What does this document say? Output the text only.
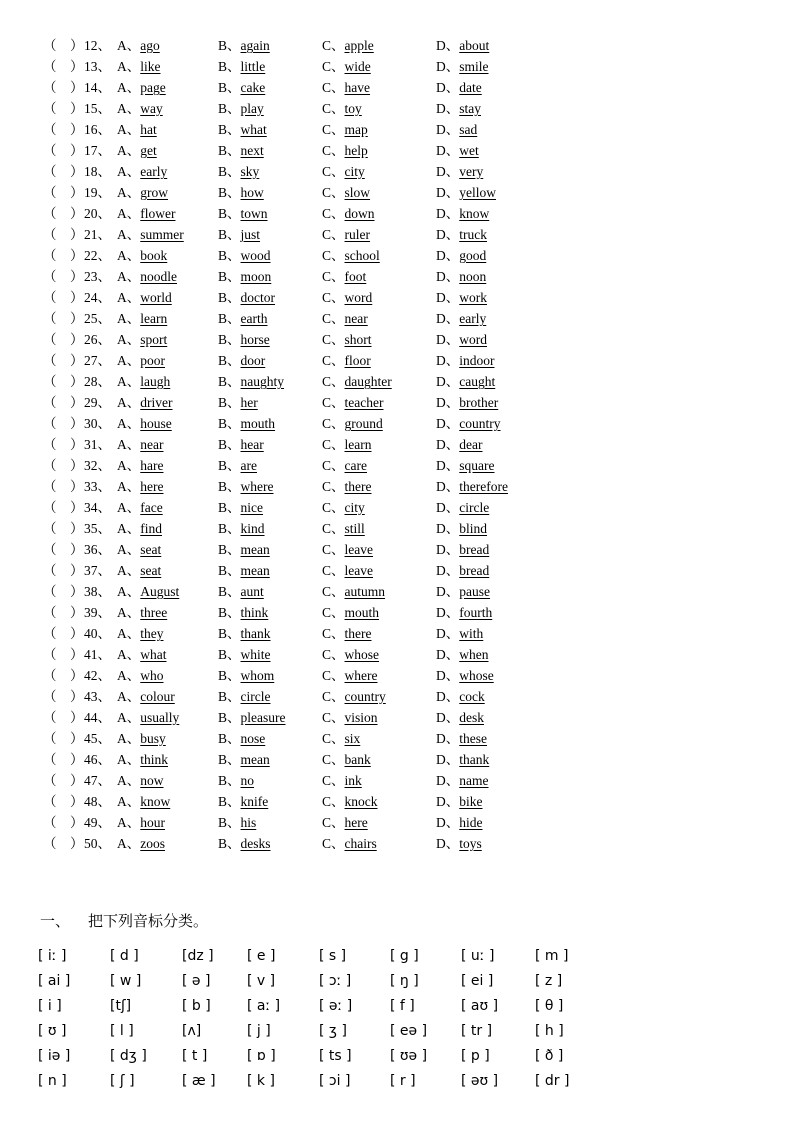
（　） 12、 A、ago	B、again	C、apple	D、about
（　） 13、 A、like	B、little	C、wide	D、smile
（　） 14、 A、page	B、cake	C、have	D、date
（　） 15、 A、way	B、play	C、toy	D、stay
（　） 16、 A、hat	B、what	C、map	D、sad
（　） 17、 A、get	B、next	C、help	D、wet
（　） 18、 A、early	B、sky	C、city	D、very
（　） 19、 A、grow	B、how	C、slow	D、yellow
（　） 20、 A、flower	B、town	C、down	D、know
（　） 21、 A、summer	B、just	C、ruler	D、truck
（　） 22、 A、book	B、wood	C、school	D、good
（　） 23、 A、noodle	B、moon	C、foot	D、noon
（　） 24、 A、world	B、doctor	C、word	D、work
（　） 25、 A、learn	B、earth	C、near	D、early
（　） 26、 A、sport	B、horse	C、short	D、word
（　） 27、 A、poor	B、door	C、floor	D、indoor
（　） 28、 A、laugh	B、naughty	C、daughter	D、caught
（　） 29、 A、driver	B、her	C、teacher	D、brother
（　） 30、 A、house	B、mouth	C、ground	D、country
（　） 31、 A、near	B、hear	C、learn	D、dear
（　） 32、 A、hare	B、are	C、care	D、square
（　） 33、 A、here	B、where	C、there	D、therefore
（　） 34、 A、face	B、nice	C、city	D、circle
（　） 35、 A、find	B、kind	C、still	D、blind
（　） 36、 A、seat	B、mean	C、leave	D、bread
（　） 37、 A、seat	B、mean	C、leave	D、bread
（　） 38、 A、August	B、aunt	C、autumn	D、pause
（　） 39、 A、three	B、think	C、mouth	D、fourth
（　） 40、 A、they	B、thank	C、there	D、with
（　） 41、 A、what	B、white	C、whose	D、when
（　） 42、 A、who	B、whom	C、where	D、whose
（　） 43、 A、colour	B、circle	C、country	D、cock
（　） 44、 A、usually	B、pleasure	C、vision	D、desk
（　） 45、 A、busy	B、nose	C、six	D、these
（　） 46、 A、think	B、mean	C、bank	D、thank
（　） 47、 A、now	B、no	C、ink	D、name
（　） 48、 A、know	B、knife	C、knock	D、bike
（　） 49、 A、hour	B、his	C、here	D、hide
（　） 50、 A、zoos	B、desks	C、chairs	D、toys
一、 把下列音标分类。
[ iː ]	[ d ]	[dz ] [ e ]	[ s ]	[ g ]	[ uː ]	[ m ]
[ ai ]	[ w ]	[ ə ]	[ v ]	[ ɔː ]	[ ŋ ]	[ ei ]	[ z ]
[ i ]	[tʃ]	[ b ]	[ aː ]	[ əː ]	[ f ]	[ aʊ ]	[ θ ]
[ ʊ ]	[ l ]	[ʌ]	[ j ]	[ ʒ ]	[ eə ] [ tr ]	[ h ]
[ iə ]	[ dʒ ]	[ t ]	[ ɒ ]	[ ts ]	[ ʊə ] [ p ]	[ ð ]
[ n ]	[ ʃ ]	[ æ ] [ k ]	[ ɔi ]	[ r ]	[ əʊ ]	[ dr ]
